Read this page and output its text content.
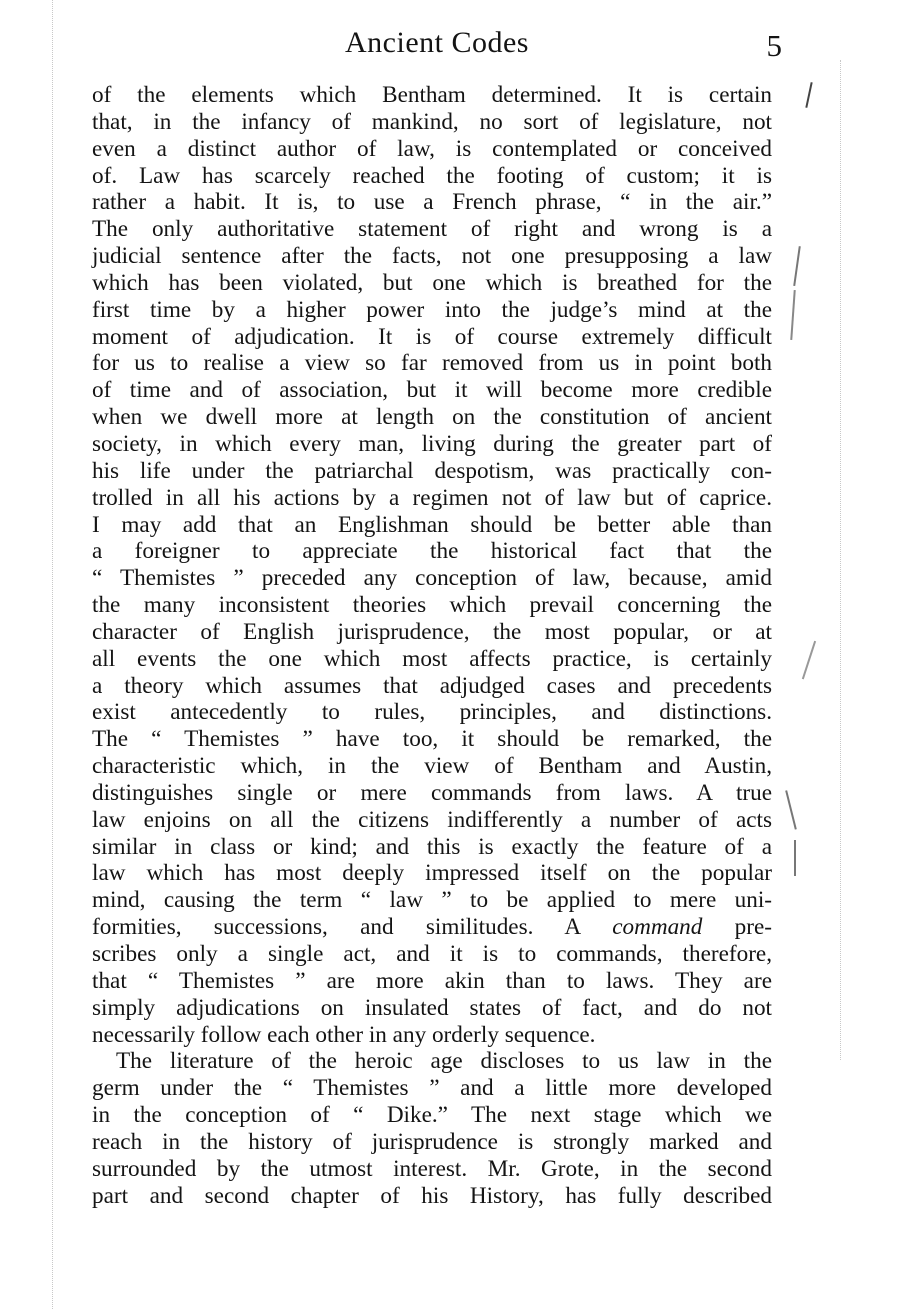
Ancient Codes	5
of the elements which Bentham determined. It is certain
that, in the infancy of mankind, no sort of legislature, not
even a distinct author of law, is contemplated or conceived
of. Law has scarcely reached the footing of custom; it is
rather a habit. It is, to use a French phrase, “ in the air.”
The only authoritative statement of right and wrong is a
judicial sentence after the facts, not one presupposing a law
which has been violated, but one which is breathed for the
first time by a higher power into the judge’s mind at the
moment of adjudication. It is of course extremely difficult
for us to realise a view so far removed from us in point both
of time and of association, but it will become more credible
when we dwell more at length on the constitution of ancient
society, in which every man, living during the greater part of
his life under the patriarchal despotism, was practically con-
trolled in all his actions by a regimen not of law but of caprice.
I may add that an Englishman should be better able than
a foreigner to appreciate the historical fact that the
“ Themistes ” preceded any conception of law, because, amid
the many inconsistent theories which prevail concerning the
character of English jurisprudence, the most popular, or at
all events the one which most affects practice, is certainly
a theory which assumes that adjudged cases and precedents
exist antecedently to rules, principles, and distinctions.
The “ Themistes ” have too, it should be remarked, the
characteristic which, in the view of Bentham and Austin,
distinguishes single or mere commands from laws. A true
law enjoins on all the citizens indifferently a number of acts
similar in class or kind; and this is exactly the feature of a
law which has most deeply impressed itself on the popular
mind, causing the term “ law ” to be applied to mere uni-
formities, successions, and similitudes. A command pre-
scribes only a single act, and it is to commands, therefore,
that “ Themistes ” are more akin than to laws. They are
simply adjudications on insulated states of fact, and do not
necessarily follow each other in any orderly sequence.
The literature of the heroic age discloses to us law in the
germ under the “ Themistes ” and a little more developed
in the conception of “ Dike.” The next stage which we
reach in the history of jurisprudence is strongly marked and
surrounded by the utmost interest. Mr. Grote, in the second
part and second chapter of his History, has fully described
